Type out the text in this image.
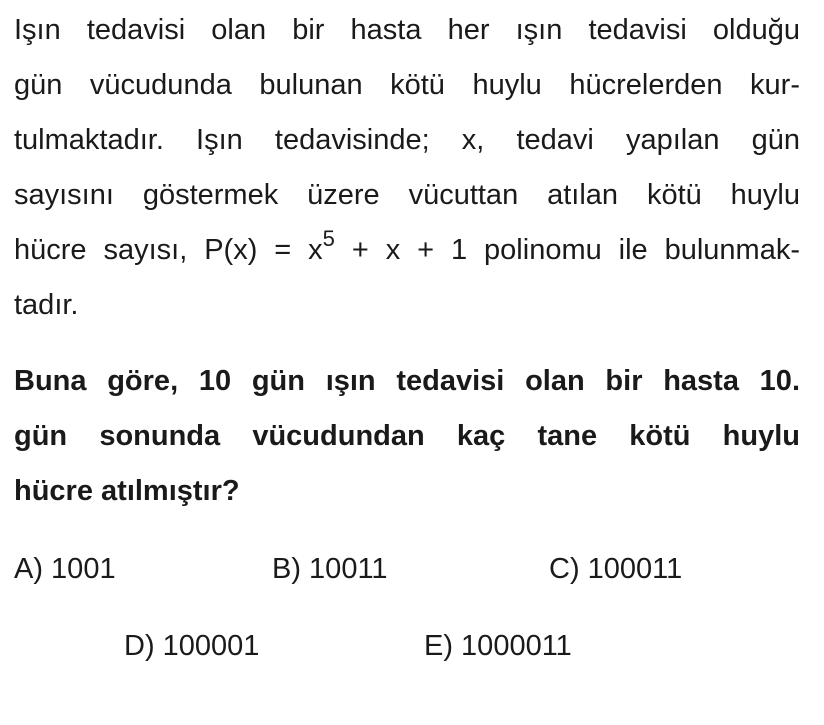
Işın tedavisi olan bir hasta her ışın tedavisi olduğu
gün vücudunda bulunan kötü huylu hücrelerden kur-
tulmaktadır. Işın tedavisinde; x, tedavi yapılan gün
sayısını göstermek üzere vücuttan atılan kötü huylu
hücre sayısı, $P(x) = x^5 + x + 1$ polinomu ile bulunmak-
tadır.

Buna göre, 10 gün ışın tedavisi olan bir hasta 10.
gün sonunda vücudundan kaç tane kötü huylu
hücre atılmıştır?

A) 1001	B) 10011	C) 100011
D) 100001	E) 1000011
